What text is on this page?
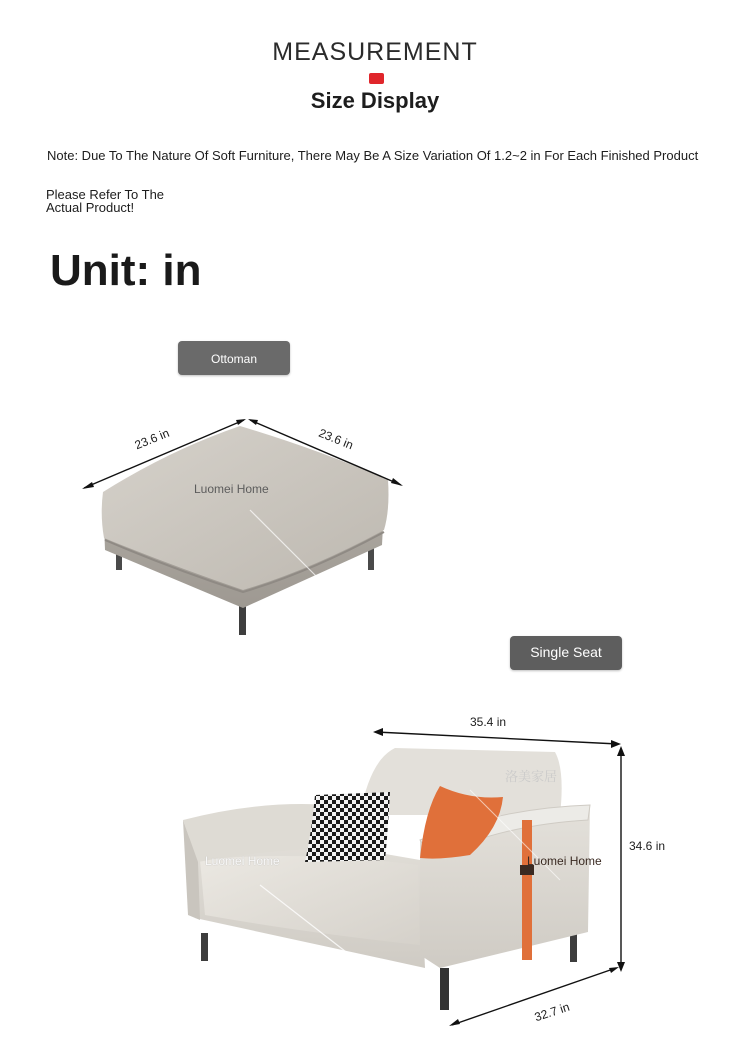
MEASUREMENT
Size Display
Note: Due To The Nature Of Soft Furniture, There May Be A Size Variation Of 1.2~2 in For Each Finished Product
Please Refer To The
Actual Product!
Unit: in
Ottoman
23.6 in	23.6 in
Luomei Home
Single Seat
35.4 in
34.6 in
32.7 in
Luomei Home	Luomei Home
洛美家居
